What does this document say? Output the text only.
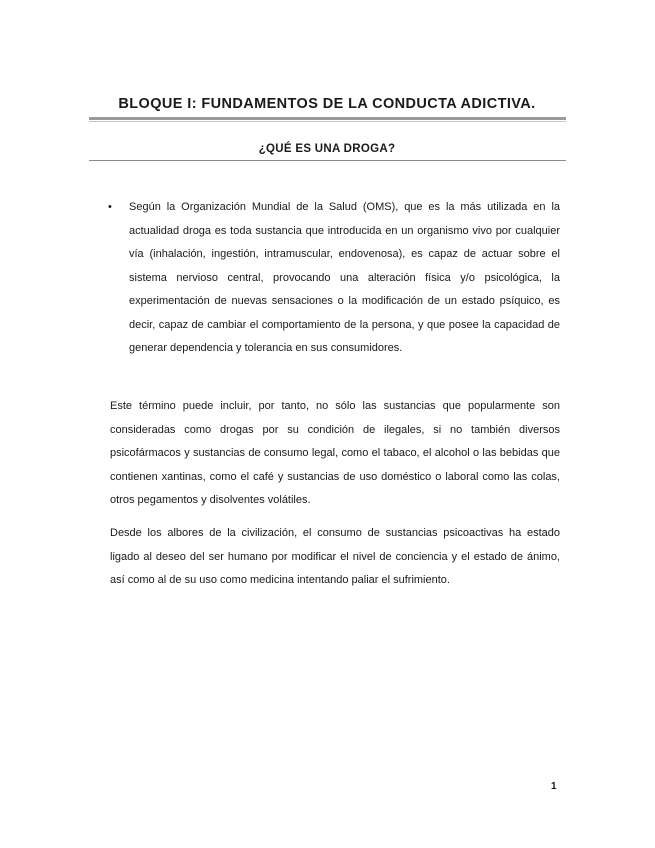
BLOQUE I: FUNDAMENTOS DE LA CONDUCTA ADICTIVA.
¿QUÉ ES UNA DROGA?
• Según la Organización Mundial de la Salud (OMS), que es la más utilizada en la actualidad droga es toda sustancia que introducida en un organismo vivo por cualquier vía (inhalación, ingestión, intramuscular, endovenosa), es capaz de actuar sobre el sistema nervioso central, provocando una alteración física y/o psicológica, la experimentación de nuevas sensaciones o la modificación de un estado psíquico, es decir, capaz de cambiar el comportamiento de la persona, y que posee la capacidad de generar dependencia y tolerancia en sus consumidores.

Este término puede incluir, por tanto, no sólo las sustancias que popularmente son consideradas como drogas por su condición de ilegales, si no también diversos psicofármacos y sustancias de consumo legal, como el tabaco, el alcohol o las bebidas que contienen xantinas, como el café y sustancias de uso doméstico o laboral como las colas, otros pegamentos y disolventes volátiles.

Desde los albores de la civilización, el consumo de sustancias psicoactivas ha estado ligado al deseo del ser humano por modificar el nivel de conciencia y el estado de ánimo, así como al de su uso como medicina intentando paliar el sufrimiento.

1
